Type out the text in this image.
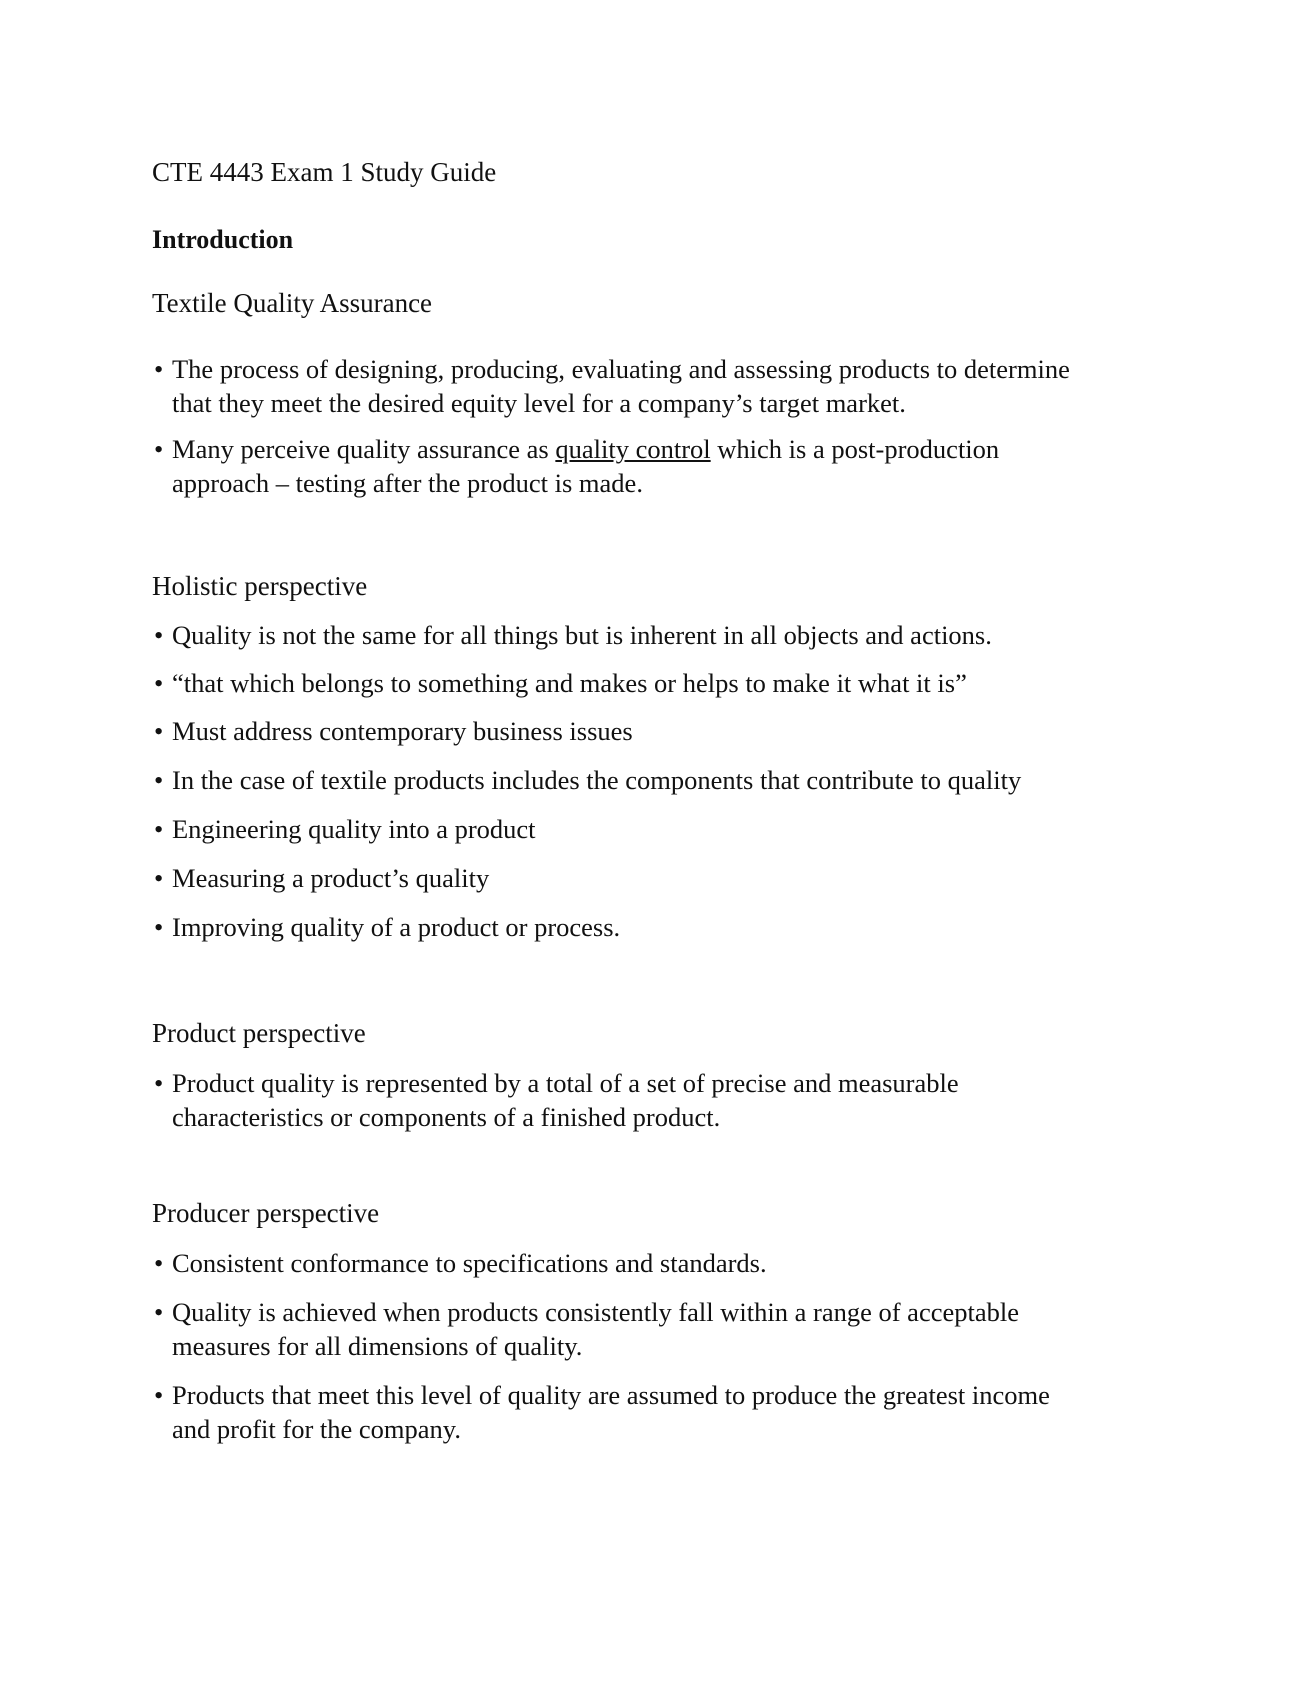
CTE 4443 Exam 1 Study Guide
Introduction
Textile Quality Assurance
• The process of designing, producing, evaluating and assessing products to determine
that they meet the desired equity level for a company’s target market.
• Many perceive quality assurance as quality control which is a post-production
approach – testing after the product is made.
Holistic perspective
• Quality is not the same for all things but is inherent in all objects and actions.
• “that which belongs to something and makes or helps to make it what it is”
• Must address contemporary business issues
• In the case of textile products includes the components that contribute to quality
• Engineering quality into a product
• Measuring a product’s quality
• Improving quality of a product or process.
Product perspective
• Product quality is represented by a total of a set of precise and measurable
characteristics or components of a finished product.
Producer perspective
• Consistent conformance to specifications and standards.
• Quality is achieved when products consistently fall within a range of acceptable
measures for all dimensions of quality.
• Products that meet this level of quality are assumed to produce the greatest income
and profit for the company.
